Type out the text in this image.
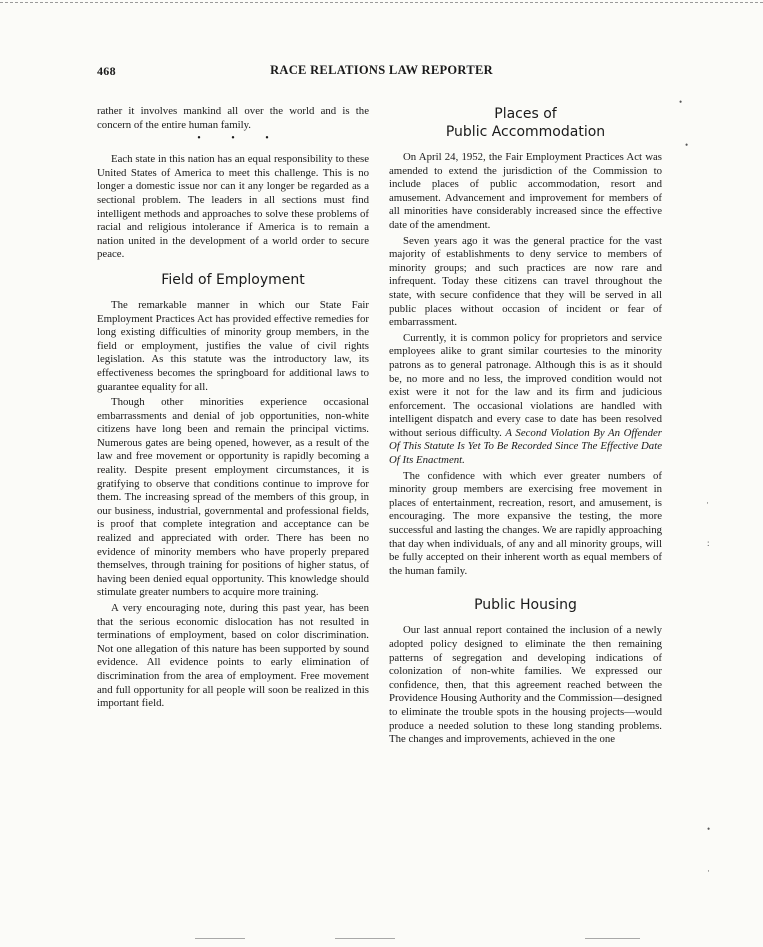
468	RACE RELATIONS LAW REPORTER

rather it involves mankind all over the world and is the concern of the entire human family.

• • •

Each state in this nation has an equal responsibility to these United States of America to meet this challenge. This is no longer a domestic issue nor can it any longer be regarded as a sectional problem. The leaders in all sections must find intelligent methods and approaches to solve these problems of racial and religious intolerance if America is to remain a nation united in the development of a world order to secure peace.

Field of Employment

The remarkable manner in which our State Fair Employment Practices Act has provided effective remedies for long existing difficulties of minority group members, in the field or employment, justifies the value of civil rights legislation. As this statute was the introductory law, its effectiveness becomes the springboard for additional laws to guarantee equality for all.

Though other minorities experience occasional embarrassments and denial of job opportunities, non-white citizens have long been and remain the principal victims. Numerous gates are being opened, however, as a result of the law and free movement or opportunity is rapidly becoming a reality. Despite present employment circumstances, it is gratifying to observe that conditions continue to improve for them. The increasing spread of the members of this group, in our business, industrial, governmental and professional fields, is proof that complete integration and acceptance can be realized and appreciated with order. There has been no evidence of minority members who have properly prepared themselves, through training for positions of higher status, of having been denied equal opportunity. This knowledge should stimulate greater numbers to acquire more training.

A very encouraging note, during this past year, has been that the serious economic dislocation has not resulted in terminations of employment, based on color discrimination. Not one allegation of this nature has been supported by sound evidence. All evidence points to early elimination of discrimination from the area of employment. Free movement and full opportunity for all people will soon be realized in this important field.

Places of
Public Accommodation

On April 24, 1952, the Fair Employment Practices Act was amended to extend the jurisdiction of the Commission to include places of public accommodation, resort and amusement. Advancement and improvement for members of all minorities have considerably increased since the effective date of the amendment.

Seven years ago it was the general practice for the vast majority of establishments to deny service to members of minority groups; and such practices are now rare and infrequent. Today these citizens can travel throughout the state, with secure confidence that they will be served in all public places without occasion of incident or fear of embarrassment.

Currently, it is common policy for proprietors and service employees alike to grant similar courtesies to the minority patrons as to general patronage. Although this is as it should be, no more and no less, the improved condition would not exist were it not for the law and its firm and judicious enforcement. The occasional violations are handled with intelligent dispatch and every case to date has been resolved without serious difficulty. A Second Violation By An Offender Of This Statute Is Yet To Be Recorded Since The Effective Date Of Its Enactment.

The confidence with which ever greater numbers of minority group members are exercising free movement in places of entertainment, recreation, resort, and amusement, is encouraging. The more expansive the testing, the more successful and lasting the changes. We are rapidly approaching that day when individuals, of any and all minority groups, will be fully accepted on their inherent worth as equal members of the human family.

Public Housing

Our last annual report contained the inclusion of a newly adopted policy designed to eliminate the then remaining patterns of segregation and developing indications of colonization of non-white families. We expressed our confidence, then, that this agreement reached between the Providence Housing Authority and the Commission—designed to eliminate the trouble spots in the housing projects—would produce a needed solution to these long standing problems. The changes and improvements, achieved in the one

•
•
·
:
•
·
